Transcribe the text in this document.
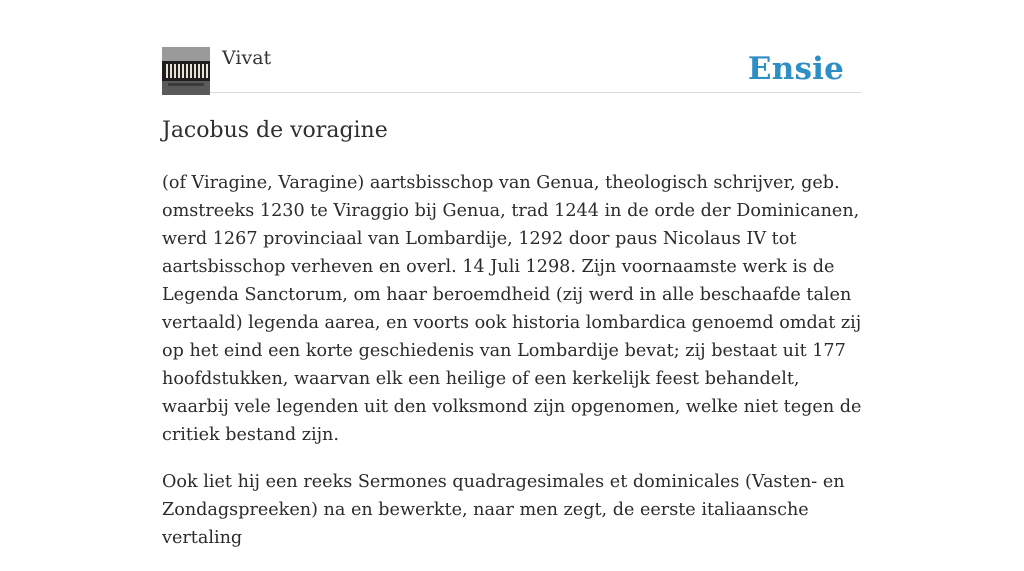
Vivat	Ensie
Jacobus de voragine

(of Viragine, Varagine) aartsbisschop van Genua, theologisch schrijver, geb. omstreeks 1230 te Viraggio bij Genua, trad 1244 in de orde der Dominicanen, werd 1267 provinciaal van Lombardije, 1292 door paus Nicolaus IV tot aartsbisschop verheven en overl. 14 Juli 1298. Zijn voornaamste werk is de Legenda Sanctorum, om haar beroemdheid (zij werd in alle beschaafde talen vertaald) legenda aarea, en voorts ook historia lombardica genoemd omdat zij op het eind een korte geschiedenis van Lombardije bevat; zij bestaat uit 177 hoofdstukken, waarvan elk een heilige of een kerkelijk feest behandelt, waarbij vele legenden uit den volksmond zijn opgenomen, welke niet tegen de critiek bestand zijn.

Ook liet hij een reeks Sermones quadragesimales et dominicales (Vasten- en Zondagspreeken) na en bewerkte, naar men zegt, de eerste italiaansche vertaling
